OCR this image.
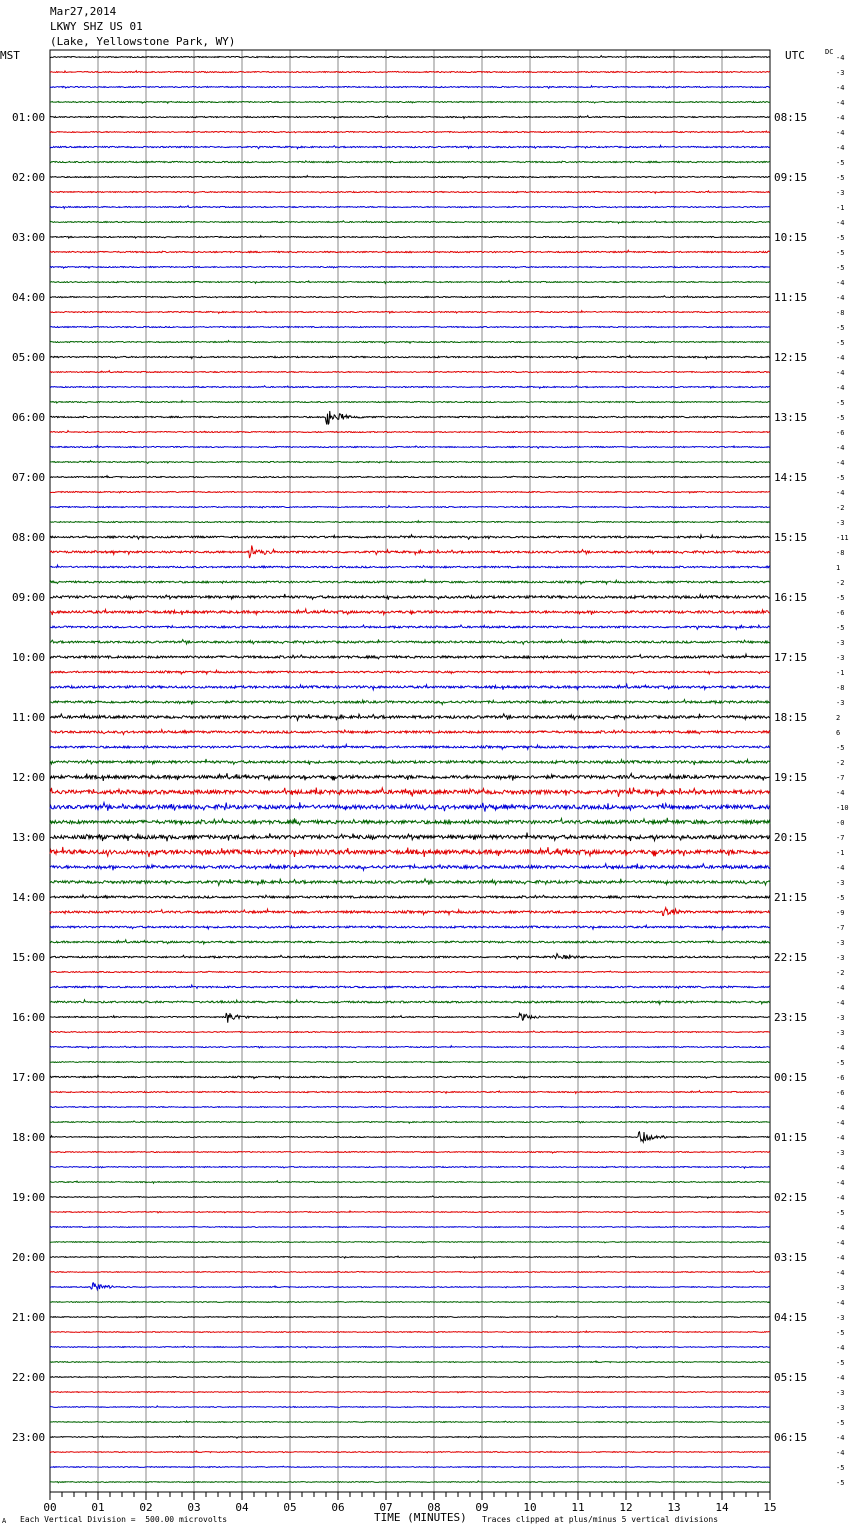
Mar27,2014
LKWY SHZ US 01
(Lake, Yellowstone Park, WY)
MST	UTC	DC
-4
-3
-4
-4
-4
-4
-4
-5
-5
-3
-1
-4
-5
-5
-5
-4
-4
-8
-5
-5
-4
-4
-4
-5
-5
-6
-4
-4
-5
-4
-2
-3
-11
-8
1
-2
-5
-6
-5
-3
-3
-1
-8
-3
2
6
-5
-2
-7
-4
-10
-0
-7
-1
-4
-3
-5
-9
-7
-3
-3
-2
-4
-4
-3
-3
-4
-5
-6
-6
-4
-4
-4
-3
-4
-4
-4
-5
-4
-4
-4
-4
-3
-4
-3
-5
-4
-5
-4
-3
-3
-5
-4
-4
-5
-5
01:00
02:00
03:00
04:00
05:00
06:00
07:00
08:00
09:00
10:00
11:00
12:00
13:00
14:00
15:00
16:00
17:00
18:00
19:00
20:00
21:00
22:00
23:00
08:15
09:15
10:15
11:15
12:15
13:15
14:15
15:15
16:15
17:15
18:15
19:15
20:15
21:15
22:15
23:15
00:15
01:15
02:15
03:15
04:15
05:15
06:15
00	01	02	03	04	05	06	07	08	09	10	11	12	13	14	15
A Each Vertical Division =  500.00 microvolts	TIME (MINUTES) Traces clipped at plus/minus 5 vertical divisions
